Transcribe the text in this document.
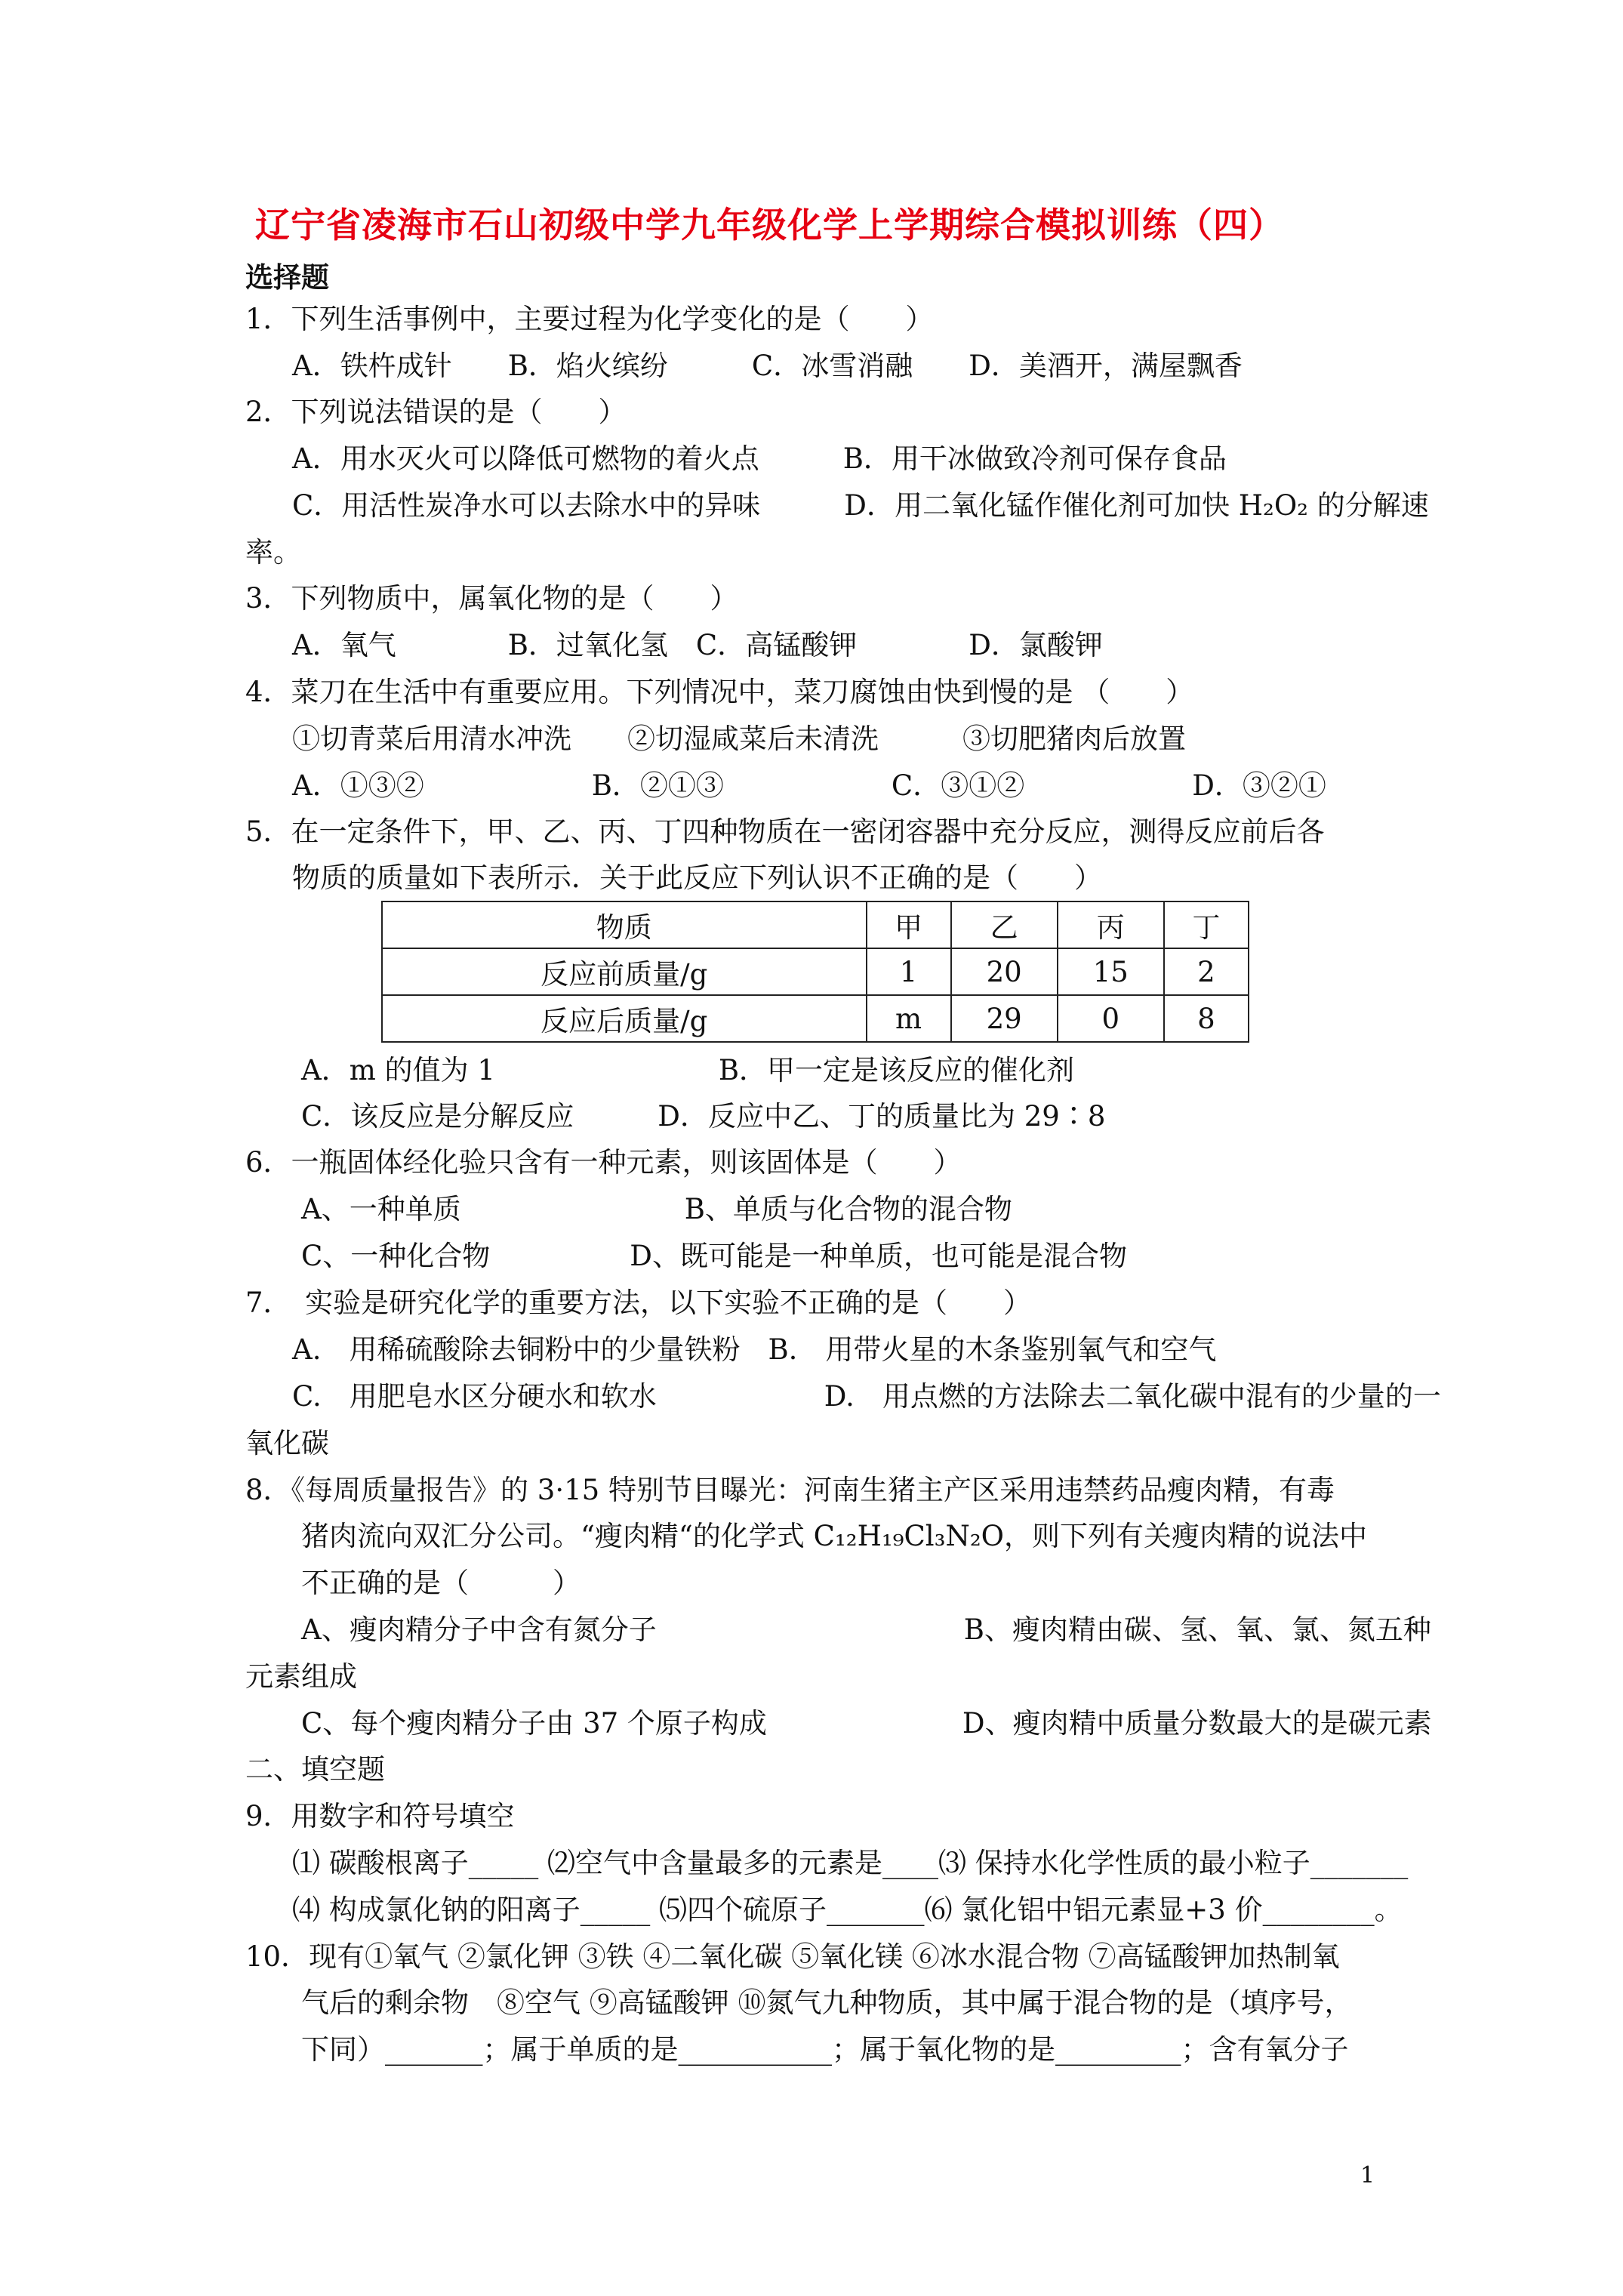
辽宁省凌海市石山初级中学九年级化学上学期综合模拟训练（四）
选择题
1．下列生活事例中，主要过程为化学变化的是（　　）
A．铁杵成针　　B．焰火缤纷　　　C．冰雪消融　　D．美酒开，满屋飘香
2．下列说法错误的是（　　）
A．用水灭火可以降低可燃物的着火点　　　B．用干冰做致冷剂可保存食品
C．用活性炭净水可以去除水中的异味　　　D．用二氧化锰作催化剂可加快 H₂O₂ 的分解速
率。
3．下列物质中，属氧化物的是（　　）
A．氧气　　　　B．过氧化氢　C．高锰酸钾　　　　D．氯酸钾
4．菜刀在生活中有重要应用。下列情况中，菜刀腐蚀由快到慢的是 （　　）
①切青菜后用清水冲洗　　②切湿咸菜后未清洗　　　③切肥猪肉后放置
A．①③②　　　　　　B．②①③　　　　　　C．③①②　　　　　　D．③②①
5．在一定条件下，甲、乙、丙、丁四种物质在一密闭容器中充分反应，测得反应前后各
物质的质量如下表所示．关于此反应下列认识不正确的是（　　）
物质	甲	乙	丙	丁
反应前质量/g	1	20	15	2
反应后质量/g	m	29	0	8
A．m 的值为 1　　　　　　　　B．甲一定是该反应的催化剂
C．该反应是分解反应　　　D．反应中乙、丁的质量比为 29∶8
6．一瓶固体经化验只含有一种元素，则该固体是（　　）
A、一种单质　　　　　　　　B、单质与化合物的混合物
C、一种化合物　　　　　D、既可能是一种单质，也可能是混合物
7．　实验是研究化学的重要方法，以下实验不正确的是（　　）
A.　用稀硫酸除去铜粉中的少量铁粉　B.　用带火星的木条鉴别氧气和空气
C.　用肥皂水区分硬水和软水　　　　　　D.　用点燃的方法除去二氧化碳中混有的少量的一
氧化碳
8．《每周质量报告》的 3·15 特别节目曝光：河南生猪主产区采用违禁药品瘦肉精，有毒
猪肉流向双汇分公司。“瘦肉精“的化学式 C₁₂H₁₉Cl₃N₂O，则下列有关瘦肉精的说法中
不正确的是（　　　）
A、瘦肉精分子中含有氮分子　　　　　　　　　　　B、瘦肉精由碳、氢、氧、氯、氮五种
元素组成
C、每个瘦肉精分子由 37 个原子构成　　　　　　　D、瘦肉精中质量分数最大的是碳元素
二、填空题
9．用数字和符号填空
⑴ 碳酸根离子_____ ⑵空气中含量最多的元素是____⑶ 保持水化学性质的最小粒子_______
⑷ 构成氯化钠的阳离子_____ ⑸四个硫原子_______⑹ 氯化铝中铝元素显+3 价________。
10．现有①氧气 ②氯化钾 ③铁 ④二氧化碳 ⑤氧化镁 ⑥冰水混合物 ⑦高锰酸钾加热制氧
气后的剩余物　⑧空气 ⑨高锰酸钾 ⑩氮气九种物质，其中属于混合物的是（填序号，
下同）_______；属于单质的是___________；属于氧化物的是_________；含有氧分子
1
